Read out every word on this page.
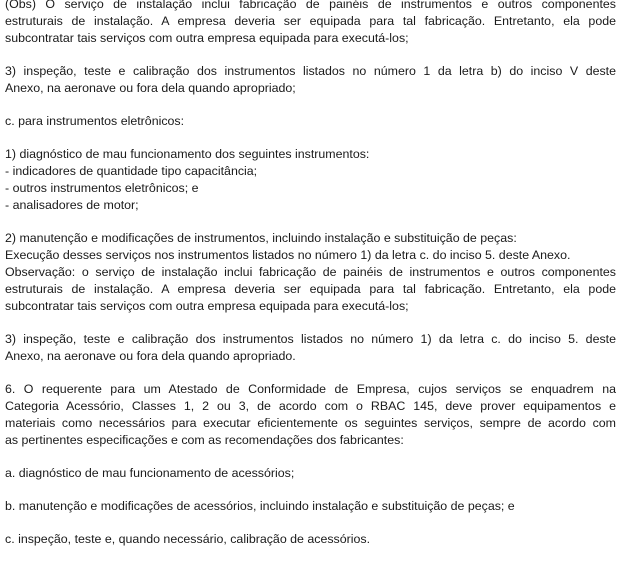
(Obs) O serviço de instalação inclui fabricação de painéis de instrumentos e outros componentes
estruturais de instalação. A empresa deveria ser equipada para tal fabricação. Entretanto, ela pode
subcontratar tais serviços com outra empresa equipada para executá-los;
3) inspeção, teste e calibração dos instrumentos listados no número 1 da letra b) do inciso V deste
Anexo, na aeronave ou fora dela quando apropriado;
c. para instrumentos eletrônicos:
1) diagnóstico de mau funcionamento dos seguintes instrumentos:
- indicadores de quantidade tipo capacitância;
- outros instrumentos eletrônicos; e
- analisadores de motor;
2) manutenção e modificações de instrumentos, incluindo instalação e substituição de peças:
Execução desses serviços nos instrumentos listados no número 1) da letra c. do inciso 5. deste Anexo.
Observação: o serviço de instalação inclui fabricação de painéis de instrumentos e outros componentes
estruturais de instalação. A empresa deveria ser equipada para tal fabricação. Entretanto, ela pode
subcontratar tais serviços com outra empresa equipada para executá-los;
3) inspeção, teste e calibração dos instrumentos listados no número 1) da letra c. do inciso 5. deste
Anexo, na aeronave ou fora dela quando apropriado.
6. O requerente para um Atestado de Conformidade de Empresa, cujos serviços se enquadrem na
Categoria Acessório, Classes 1, 2 ou 3, de acordo com o RBAC 145, deve prover equipamentos e
materiais como necessários para executar eficientemente os seguintes serviços, sempre de acordo com
as pertinentes especificações e com as recomendações dos fabricantes:
a. diagnóstico de mau funcionamento de acessórios;
b. manutenção e modificações de acessórios, incluindo instalação e substituição de peças; e
c. inspeção, teste e, quando necessário, calibração de acessórios.
